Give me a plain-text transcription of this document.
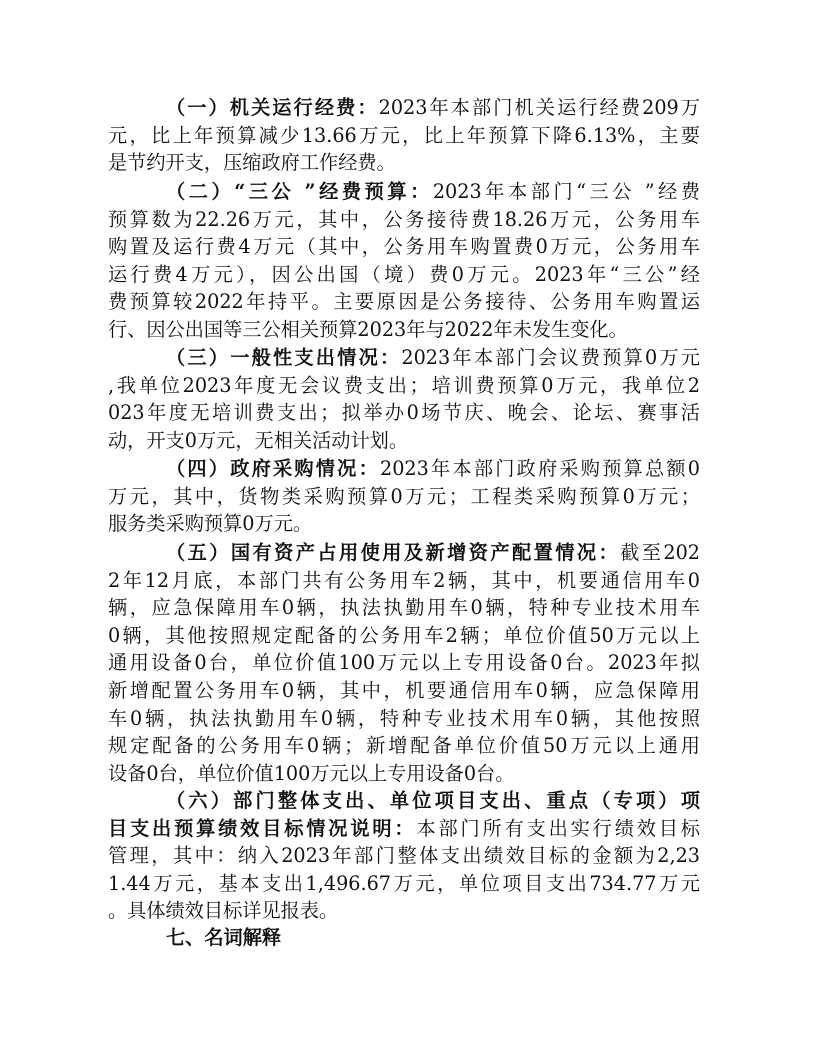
（一）机关运行经费：2023年本部门机关运行经费209万
元，比上年预算减少13.66万元，比上年预算下降6.13%，主要
是节约开支，压缩政府工作经费。
（二）“三公 ”经费预算：2023年本部门“三公 ”经费
预算数为22.26万元，其中，公务接待费18.26万元，公务用车
购置及运行费4万元（其中，公务用车购置费0万元，公务用车
运行费4万元），因公出国（境）费0万元。2023年“三公”经
费预算较2022年持平。主要原因是公务接待、公务用车购置运
行、因公出国等三公相关预算2023年与2022年未发生变化。
（三）一般性支出情况：2023年本部门会议费预算0万元
,我单位2023年度无会议费支出；培训费预算0万元，我单位2
023年度无培训费支出；拟举办0场节庆、晚会、论坛、赛事活
动，开支0万元，无相关活动计划。
（四）政府采购情况：2023年本部门政府采购预算总额0
万元，其中，货物类采购预算0万元；工程类采购预算0万元；
服务类采购预算0万元。
（五）国有资产占用使用及新增资产配置情况：截至202
2年12月底，本部门共有公务用车2辆，其中，机要通信用车0
辆，应急保障用车0辆，执法执勤用车0辆，特种专业技术用车
0辆，其他按照规定配备的公务用车2辆；单位价值50万元以上
通用设备0台，单位价值100万元以上专用设备0台。2023年拟
新增配置公务用车0辆，其中，机要通信用车0辆，应急保障用
车0辆，执法执勤用车0辆，特种专业技术用车0辆，其他按照
规定配备的公务用车0辆；新增配备单位价值50万元以上通用
设备0台，单位价值100万元以上专用设备0台。
（六）部门整体支出、单位项目支出、重点（专项）项
目支出预算绩效目标情况说明：本部门所有支出实行绩效目标
管理，其中：纳入2023年部门整体支出绩效目标的金额为2,23
1.44万元，基本支出1,496.67万元，单位项目支出734.77万元
。具体绩效目标详见报表。
七、名词解释
